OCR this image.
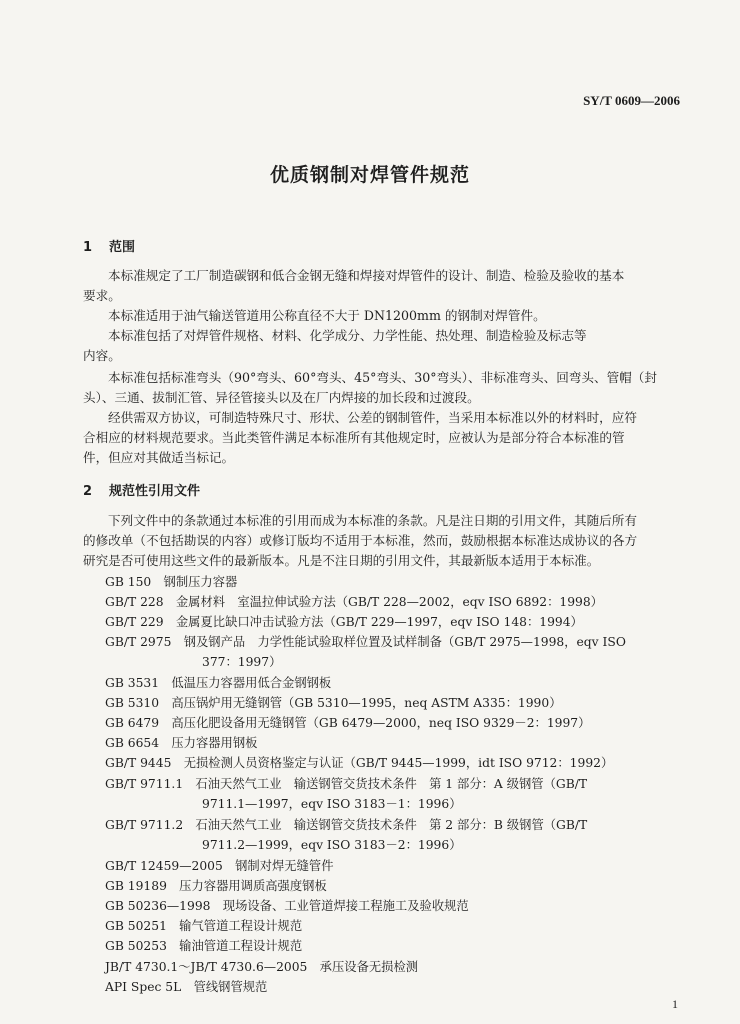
SY/T 0609—2006
优质钢制对焊管件规范
1 范围
本标准规定了工厂制造碳钢和低合金钢无缝和焊接对焊管件的设计、制造、检验及验收的基本
要求。
本标准适用于油气输送管道用公称直径不大于 DN1200mm 的钢制对焊管件。
本标准包括了对焊管件规格、材料、化学成分、力学性能、热处理、制造检验及标志等
内容。
本标准包括标准弯头（90°弯头、60°弯头、45°弯头、30°弯头）、非标准弯头、回弯头、管帽（封
头）、三通、拔制汇管、异径管接头以及在厂内焊接的加长段和过渡段。
经供需双方协议，可制造特殊尺寸、形状、公差的钢制管件，当采用本标准以外的材料时，应符
合相应的材料规范要求。当此类管件满足本标准所有其他规定时，应被认为是部分符合本标准的管
件，但应对其做适当标记。
2 规范性引用文件
下列文件中的条款通过本标准的引用而成为本标准的条款。凡是注日期的引用文件，其随后所有
的修改单（不包括勘误的内容）或修订版均不适用于本标准，然而，鼓励根据本标准达成协议的各方
研究是否可使用这些文件的最新版本。凡是不注日期的引用文件，其最新版本适用于本标准。
GB 150　钢制压力容器
GB/T 228　金属材料　室温拉伸试验方法（GB/T 228—2002，eqv ISO 6892：1998）
GB/T 229　金属夏比缺口冲击试验方法（GB/T 229—1997，eqv ISO 148：1994）
GB/T 2975　钢及钢产品　力学性能试验取样位置及试样制备（GB/T 2975—1998，eqv ISO
377：1997）
GB 3531　低温压力容器用低合金钢钢板
GB 5310　高压锅炉用无缝钢管（GB 5310—1995，neq ASTM A335：1990）
GB 6479　高压化肥设备用无缝钢管（GB 6479—2000，neq ISO 9329－2：1997）
GB 6654　压力容器用钢板
GB/T 9445　无损检测人员资格鉴定与认证（GB/T 9445—1999，idt ISO 9712：1992）
GB/T 9711.1　石油天然气工业　输送钢管交货技术条件　第 1 部分：A 级钢管（GB/T
9711.1—1997，eqv ISO 3183－1：1996）
GB/T 9711.2　石油天然气工业　输送钢管交货技术条件　第 2 部分：B 级钢管（GB/T
9711.2—1999，eqv ISO 3183－2：1996）
GB/T 12459—2005　钢制对焊无缝管件
GB 19189　压力容器用调质高强度钢板
GB 50236—1998　现场设备、工业管道焊接工程施工及验收规范
GB 50251　输气管道工程设计规范
GB 50253　输油管道工程设计规范
JB/T 4730.1～JB/T 4730.6—2005　承压设备无损检测
API Spec 5L　管线钢管规范
1
